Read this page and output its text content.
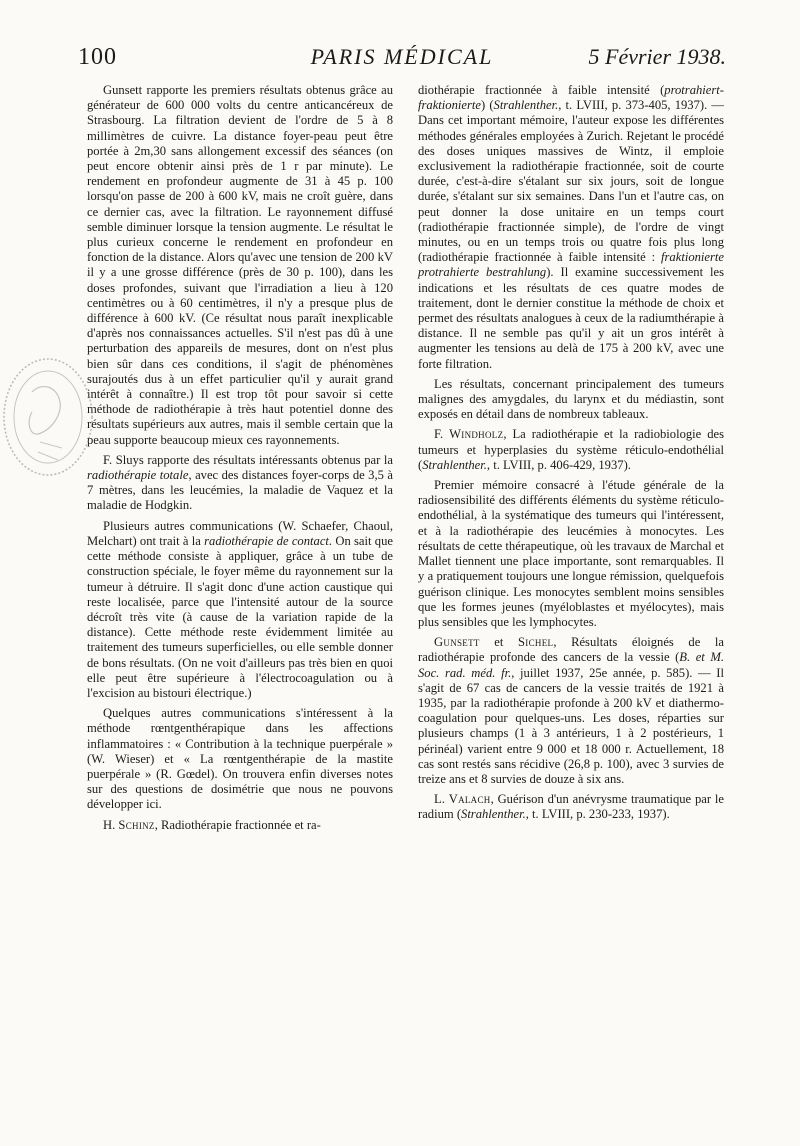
100	PARIS MÉDICAL	5 Février 1938.

Gunsett rapporte les premiers résultats obtenus grâce au générateur de 600 000 volts du centre anticancéreux de Strasbourg. La filtration devient de l'ordre de 5 à 8 millimètres de cuivre. La distance foyer-peau peut être portée à 2m,30 sans allongement excessif des séances (on peut encore obtenir ainsi près de 1 r par minute). Le rendement en profondeur augmente de 31 à 45 p. 100 lorsqu'on passe de 200 à 600 kV, mais ne croît guère, dans ce dernier cas, avec la filtration. Le rayonnement diffusé semble diminuer lorsque la tension augmente. Le résultat le plus curieux concerne le rendement en profondeur en fonction de la distance. Alors qu'avec une tension de 200 kV il y a une grosse différence (près de 30 p. 100), dans les doses profondes, suivant que l'irradiation a lieu à 120 centimètres ou à 60 centimètres, il n'y a presque plus de différence à 600 kV. (Ce résultat nous paraît inexplicable d'après nos connaissances actuelles. S'il n'est pas dû à une perturbation des appareils de mesures, dont on n'est plus bien sûr dans ces conditions, il s'agit de phénomènes surajoutés dus à un effet particulier qu'il y aurait grand intérêt à connaître.) Il est trop tôt pour savoir si cette méthode de radiothérapie à très haut potentiel donne des résultats supérieurs aux autres, mais il semble certain que la peau supporte beaucoup mieux ces rayonnements.

F. Sluys rapporte des résultats intéressants obtenus par la radiothérapie totale, avec des distances foyer-corps de 3,5 à 7 mètres, dans les leucémies, la maladie de Vaquez et la maladie de Hodgkin.

Plusieurs autres communications (W. Schaefer, Chaoul, Melchart) ont trait à la radiothérapie de contact. On sait que cette méthode consiste à appliquer, grâce à un tube de construction spéciale, le foyer même du rayonnement sur la tumeur à détruire. Il s'agit donc d'une action caustique qui reste localisée, parce que l'intensité autour de la source décroît très vite (à cause de la variation rapide de la distance). Cette méthode reste évidemment limitée au traitement des tumeurs superficielles, ou elle semble donner de bons résultats. (On ne voit d'ailleurs pas très bien en quoi elle peut être supérieure à l'électrocoagulation ou à l'excision au bistouri électrique.)

Quelques autres communications s'intéressent à la méthode rœntgenthérapique dans les affections inflammatoires : « Contribution à la technique puerpérale » (W. Wieser) et « La rœntgenthérapie de la mastite puerpérale » (R. Gœdel). On trouvera enfin diverses notes sur des questions de dosimétrie que nous ne pouvons développer ici.

H. Schinz, Radiothérapie fractionnée et ra-

diothérapie fractionnée à faible intensité (protrahiert-fraktionierte) (Strahlenther., t. LVIII, p. 373-405, 1937). — Dans cet important mémoire, l'auteur expose les différentes méthodes générales employées à Zurich. Rejetant le procédé des doses uniques massives de Wintz, il emploie exclusivement la radiothérapie fractionnée, soit de courte durée, c'est-à-dire s'étalant sur six jours, soit de longue durée, s'étalant sur six semaines. Dans l'un et l'autre cas, on peut donner la dose unitaire en un temps court (radiothérapie fractionnée simple), de l'ordre de vingt minutes, ou en un temps trois ou quatre fois plus long (radiothérapie fractionnée à faible intensité : fraktionierte protrahierte bestrahlung). Il examine successivement les indications et les résultats de ces quatre modes de traitement, dont le dernier constitue la méthode de choix et permet des résultats analogues à ceux de la radiumthérapie à distance. Il ne semble pas qu'il y ait un gros intérêt à augmenter les tensions au delà de 175 à 200 kV, avec une forte filtration.

Les résultats, concernant principalement des tumeurs malignes des amygdales, du larynx et du médiastin, sont exposés en détail dans de nombreux tableaux.

F. Windholz, La radiothérapie et la radiobiologie des tumeurs et hyperplasies du système réticulo-endothélial (Strahlenther., t. LVIII, p. 406-429, 1937).

Premier mémoire consacré à l'étude générale de la radiosensibilité des différents éléments du système réticulo-endothélial, à la systématique des tumeurs qui l'intéressent, et à la radiothérapie des leucémies à monocytes. Les résultats de cette thérapeutique, où les travaux de Marchal et Mallet tiennent une place importante, sont remarquables. Il y a pratiquement toujours une longue rémission, quelquefois guérison clinique. Les monocytes semblent moins sensibles que les formes jeunes (myéloblastes et myélocytes), mais plus sensibles que les lymphocytes.

Gunsett et Sichel, Résultats éloignés de la radiothérapie profonde des cancers de la vessie (B. et M. Soc. rad. méd. fr., juillet 1937, 25e année, p. 585). — Il s'agit de 67 cas de cancers de la vessie traités de 1921 à 1935, par la radiothérapie profonde à 200 kV et diathermo-coagulation pour quelques-uns. Les doses, réparties sur plusieurs champs (1 à 3 antérieurs, 1 à 2 postérieurs, 1 périnéal) varient entre 9 000 et 18 000 r. Actuellement, 18 cas sont restés sans récidive (26,8 p. 100), avec 3 survies de treize ans et 8 survies de douze à six ans.

L. Valach, Guérison d'un anévrysme traumatique par le radium (Strahlenther., t. LVIII, p. 230-233, 1937).
